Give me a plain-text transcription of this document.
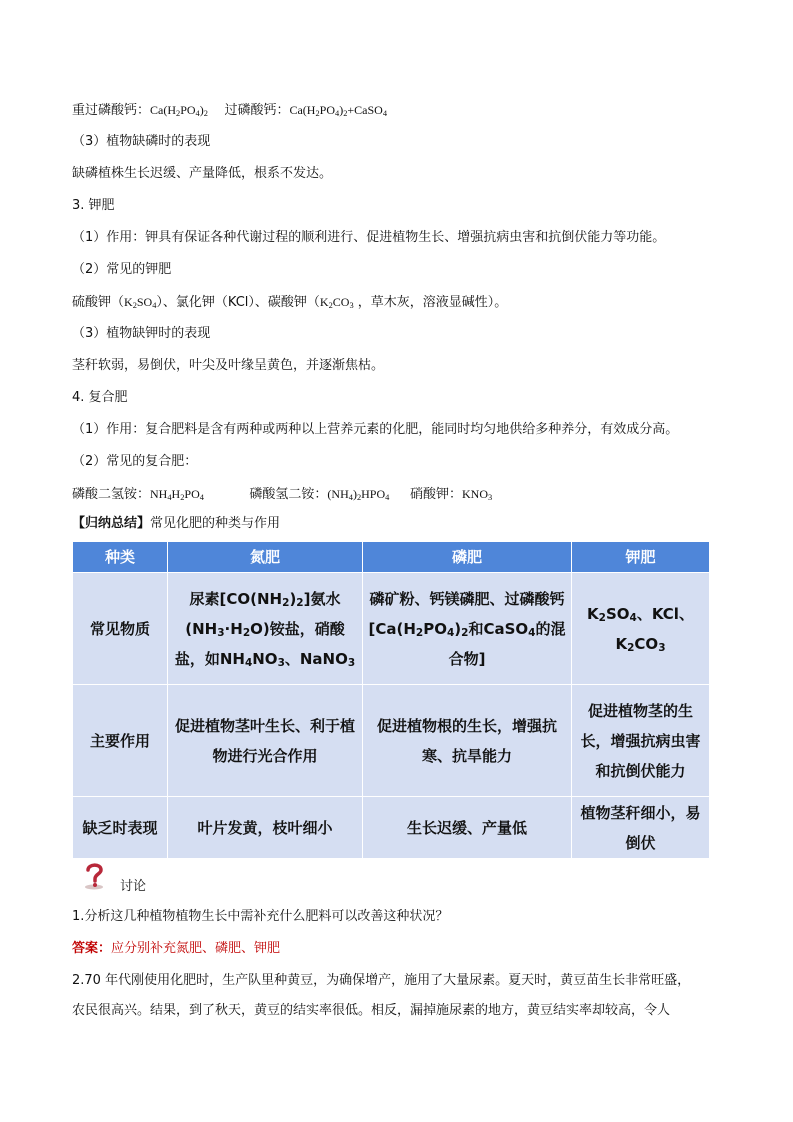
重过磷酸钙：$Ca(H_2PO_4)_2$ 过磷酸钙：$Ca(H_2PO_4)_2+CaSO_4$
（3）植物缺磷时的表现
缺磷植株生长迟缓、产量降低，根系不发达。
3. 钾肥
（1）作用：钾具有保证各种代谢过程的顺利进行、促进植物生长、增强抗病虫害和抗倒伏能力等功能。
（2）常见的钾肥
硫酸钾$(K_2SO_4)$、氯化钾（KCl）、碳酸钾（$K_2CO_3$ ，草木灰，溶液显碱性）。
（3）植物缺钾时的表现
茎秆软弱，易倒伏，叶尖及叶缘呈黄色，并逐渐焦枯。
4. 复合肥
（1）作用：复合肥料是含有两种或两种以上营养元素的化肥，能同时均匀地供给多种养分，有效成分高。
（2）常见的复合肥：
磷酸二氢铵：$NH_4H_2PO_4$	磷酸氢二铵：$(NH_4)_2HPO_4$ 硝酸钾：$KNO_3$
【归纳总结】常见化肥的种类与作用
种类	氮肥	磷肥	钾肥
常见物质	尿素$[CO(NH_2)_2]$氨水$(NH_3\cdot H_2O)$铵盐，硝酸盐，如$NH_4NO_3$、NaNO$_3$	磷矿粉、钙镁磷肥、过磷酸钙[$Ca(H_2PO_4)_2$和CaSO$_4$的混合物]	$K_2SO_4$、KCl、$K_2CO_3$
主要作用	促进植物茎叶生长、利于植物进行光合作用	促进植物根的生长，增强抗寒、抗旱能力	促进植物茎的生长，增强抗病虫害和抗倒伏能力
缺乏时表现	叶片发黄，枝叶细小	生长迟缓、产量低	植物茎秆细小，易倒伏
讨论
1.分析这几种植物植物生长中需补充什么肥料可以改善这种状况？
答案：应分别补充氮肥、磷肥、钾肥
2.70 年代刚使用化肥时，生产队里种黄豆，为确保增产，施用了大量尿素。夏天时，黄豆苗生长非常旺盛，
农民很高兴。结果，到了秋天，黄豆的结实率很低。相反，漏掉施尿素的地方，黄豆结实率却较高，令人
